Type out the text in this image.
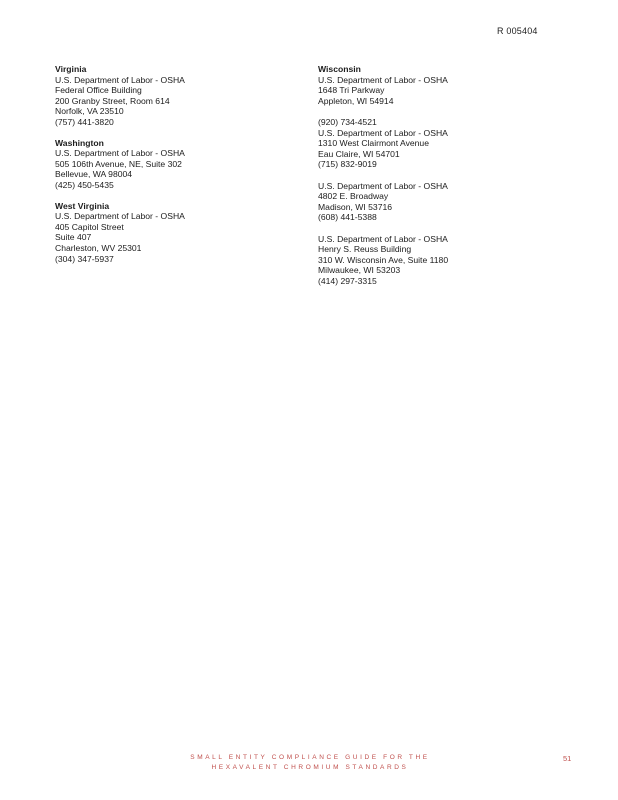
R 005404
Virginia
U.S. Department of Labor - OSHA
Federal Office Building
200 Granby Street, Room 614
Norfolk, VA 23510
(757) 441-3820
Washington
U.S. Department of Labor - OSHA
505 106th Avenue, NE, Suite 302
Bellevue, WA 98004
(425) 450-5435
West Virginia
U.S. Department of Labor - OSHA
405 Capitol Street
Suite 407
Charleston, WV 25301
(304) 347-5937
Wisconsin
U.S. Department of Labor - OSHA
1648 Tri Parkway
Appleton, WI 54914
(920) 734-4521
U.S. Department of Labor - OSHA
1310 West Clairmont Avenue
Eau Claire, WI 54701
(715) 832-9019
U.S. Department of Labor - OSHA
4802 E. Broadway
Madison, WI 53716
(608) 441-5388
U.S. Department of Labor - OSHA
Henry S. Reuss Building
310 W. Wisconsin Ave, Suite 1180
Milwaukee, WI 53203
(414) 297-3315
SMALL ENTITY COMPLIANCE GUIDE FOR THE
HEXAVALENT CHROMIUM STANDARDS
51
